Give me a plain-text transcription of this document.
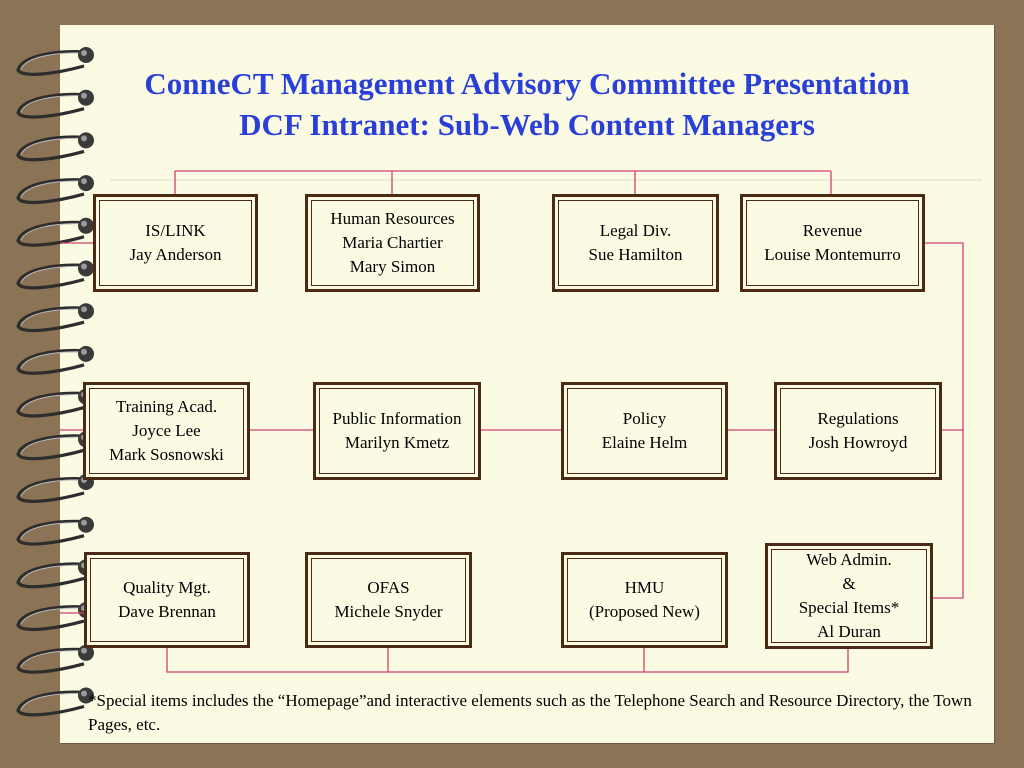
ConneCT Management Advisory Committee Presentation
DCF Intranet: Sub-Web Content Managers
IS/LINK
Jay Anderson
Human Resources
Maria Chartier
Mary Simon
Legal Div.
Sue Hamilton
Revenue
Louise Montemurro
Training Acad.
Joyce Lee
Mark Sosnowski
Public Information
Marilyn Kmetz
Policy
Elaine Helm
Regulations
Josh Howroyd
Quality Mgt.
Dave Brennan
OFAS
Michele Snyder
HMU
(Proposed New)
Web Admin.
&
Special Items*
Al Duran
*Special items includes the “Homepage”and interactive elements such as the Telephone Search and Resource Directory, the Town Pages, etc.
